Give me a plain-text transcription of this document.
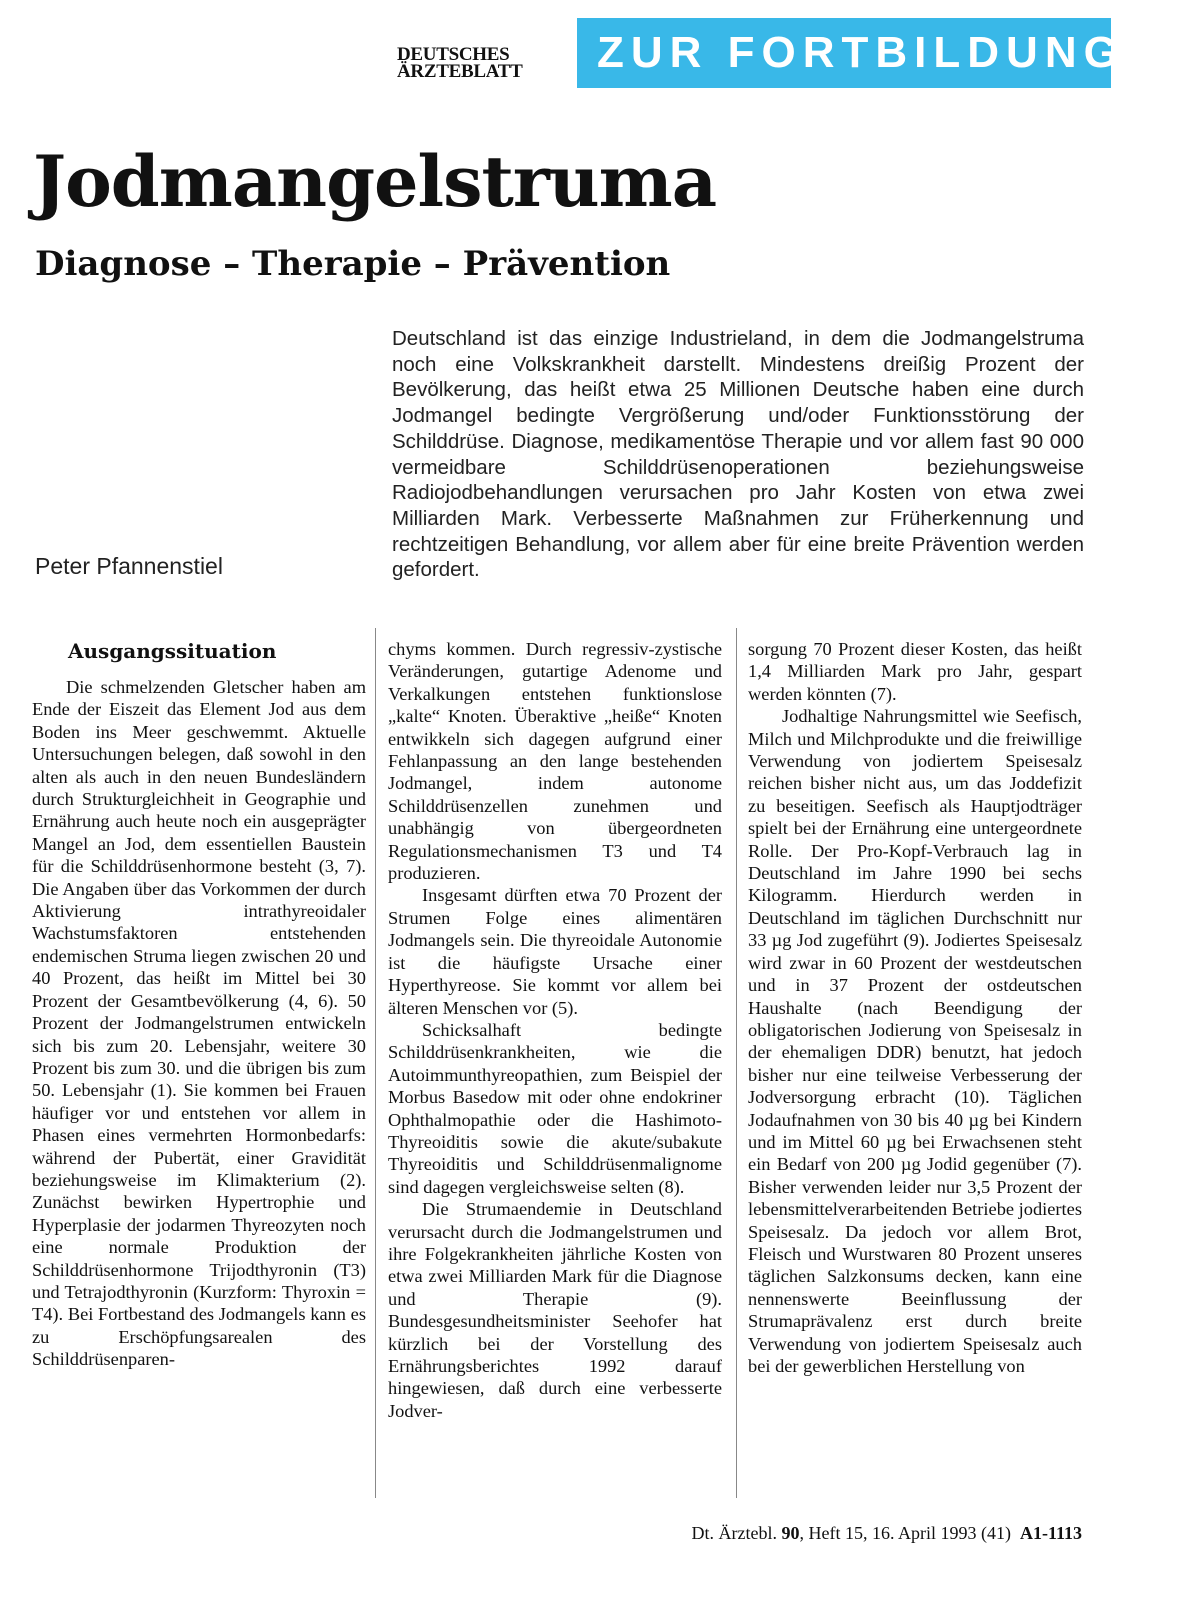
DEUTSCHES
ÄRZTEBLATT	ZUR FORTBILDUNG
Jodmangelstruma
Diagnose – Therapie – Prävention
Peter Pfannenstiel

Deutschland ist das einzige Industrieland, in dem die Jodmangelstruma noch eine Volkskrankheit darstellt. Mindestens dreißig Prozent der Bevölkerung, das heißt etwa 25 Millionen Deutsche haben eine durch Jodmangel bedingte Vergrößerung und/oder Funktionsstörung der Schilddrüse. Diagnose, medikamentöse Therapie und vor allem fast 90 000 vermeidbare Schilddrüsenoperationen beziehungsweise Radiojodbehandlungen verursachen pro Jahr Kosten von etwa zwei Milliarden Mark. Verbesserte Maßnahmen zur Früherkennung und rechtzeitigen Behandlung, vor allem aber für eine breite Prävention werden gefordert.

Ausgangssituation

Die schmelzenden Gletscher haben am Ende der Eiszeit das Element Jod aus dem Boden ins Meer geschwemmt. Aktuelle Untersuchungen belegen, daß sowohl in den alten als auch in den neuen Bundesländern durch Strukturgleichheit in Geographie und Ernährung auch heute noch ein ausgeprägter Mangel an Jod, dem essentiellen Baustein für die Schilddrüsenhormone besteht (3, 7). Die Angaben über das Vorkommen der durch Aktivierung intrathyreoidaler Wachstumsfaktoren entstehenden endemischen Struma liegen zwischen 20 und 40 Prozent, das heißt im Mittel bei 30 Prozent der Gesamtbevölkerung (4, 6). 50 Prozent der Jodmangelstrumen entwickeln sich bis zum 20. Lebensjahr, weitere 30 Prozent bis zum 30. und die übrigen bis zum 50. Lebensjahr (1). Sie kommen bei Frauen häufiger vor und entstehen vor allem in Phasen eines vermehrten Hormonbedarfs: während der Pubertät, einer Gravidität beziehungsweise im Klimakterium (2). Zunächst bewirken Hypertrophie und Hyperplasie der jodarmen Thyreozyten noch eine normale Produktion der Schilddrüsenhormone Trijodthyronin (T3) und Tetrajodthyronin (Kurzform: Thyroxin = T4). Bei Fortbestand des Jodmangels kann es zu Erschöpfungsarealen des Schilddrüsenparen-

chyms kommen. Durch regressiv-zystische Veränderungen, gutartige Adenome und Verkalkungen entstehen funktionslose „kalte“ Knoten. Überaktive „heiße“ Knoten entwikkeln sich dagegen aufgrund einer Fehlanpassung an den lange bestehenden Jodmangel, indem autonome Schilddrüsenzellen zunehmen und unabhängig von übergeordneten Regulationsmechanismen T3 und T4 produzieren.

Insgesamt dürften etwa 70 Prozent der Strumen Folge eines alimentären Jodmangels sein. Die thyreoidale Autonomie ist die häufigste Ursache einer Hyperthyreose. Sie kommt vor allem bei älteren Menschen vor (5).

Schicksalhaft bedingte Schilddrüsenkrankheiten, wie die Autoimmunthyreopathien, zum Beispiel der Morbus Basedow mit oder ohne endokriner Ophthalmopathie oder die Hashimoto-Thyreoiditis sowie die akute/subakute Thyreoiditis und Schilddrüsenmalignome sind dagegen vergleichsweise selten (8).

Die Strumaendemie in Deutschland verursacht durch die Jodmangelstrumen und ihre Folgekrankheiten jährliche Kosten von etwa zwei Milliarden Mark für die Diagnose und Therapie (9). Bundesgesundheitsminister Seehofer hat kürzlich bei der Vorstellung des Ernährungsberichtes 1992 darauf hingewiesen, daß durch eine verbesserte Jodver-

sorgung 70 Prozent dieser Kosten, das heißt 1,4 Milliarden Mark pro Jahr, gespart werden könnten (7).

Jodhaltige Nahrungsmittel wie Seefisch, Milch und Milchprodukte und die freiwillige Verwendung von jodiertem Speisesalz reichen bisher nicht aus, um das Joddefizit zu beseitigen. Seefisch als Hauptjodträger spielt bei der Ernährung eine untergeordnete Rolle. Der Pro-Kopf-Verbrauch lag in Deutschland im Jahre 1990 bei sechs Kilogramm. Hierdurch werden in Deutschland im täglichen Durchschnitt nur 33 µg Jod zugeführt (9). Jodiertes Speisesalz wird zwar in 60 Prozent der westdeutschen und in 37 Prozent der ostdeutschen Haushalte (nach Beendigung der obligatorischen Jodierung von Speisesalz in der ehemaligen DDR) benutzt, hat jedoch bisher nur eine teilweise Verbesserung der Jodversorgung erbracht (10). Täglichen Jodaufnahmen von 30 bis 40 µg bei Kindern und im Mittel 60 µg bei Erwachsenen steht ein Bedarf von 200 µg Jodid gegenüber (7). Bisher verwenden leider nur 3,5 Prozent der lebensmittelverarbeitenden Betriebe jodiertes Speisesalz. Da jedoch vor allem Brot, Fleisch und Wurstwaren 80 Prozent unseres täglichen Salzkonsums decken, kann eine nennenswerte Beeinflussung der Strumaprävalenz erst durch breite Verwendung von jodiertem Speisesalz auch bei der gewerblichen Herstellung von

Dt. Ärztebl. 90, Heft 15, 16. April 1993 (41) A1-1113
